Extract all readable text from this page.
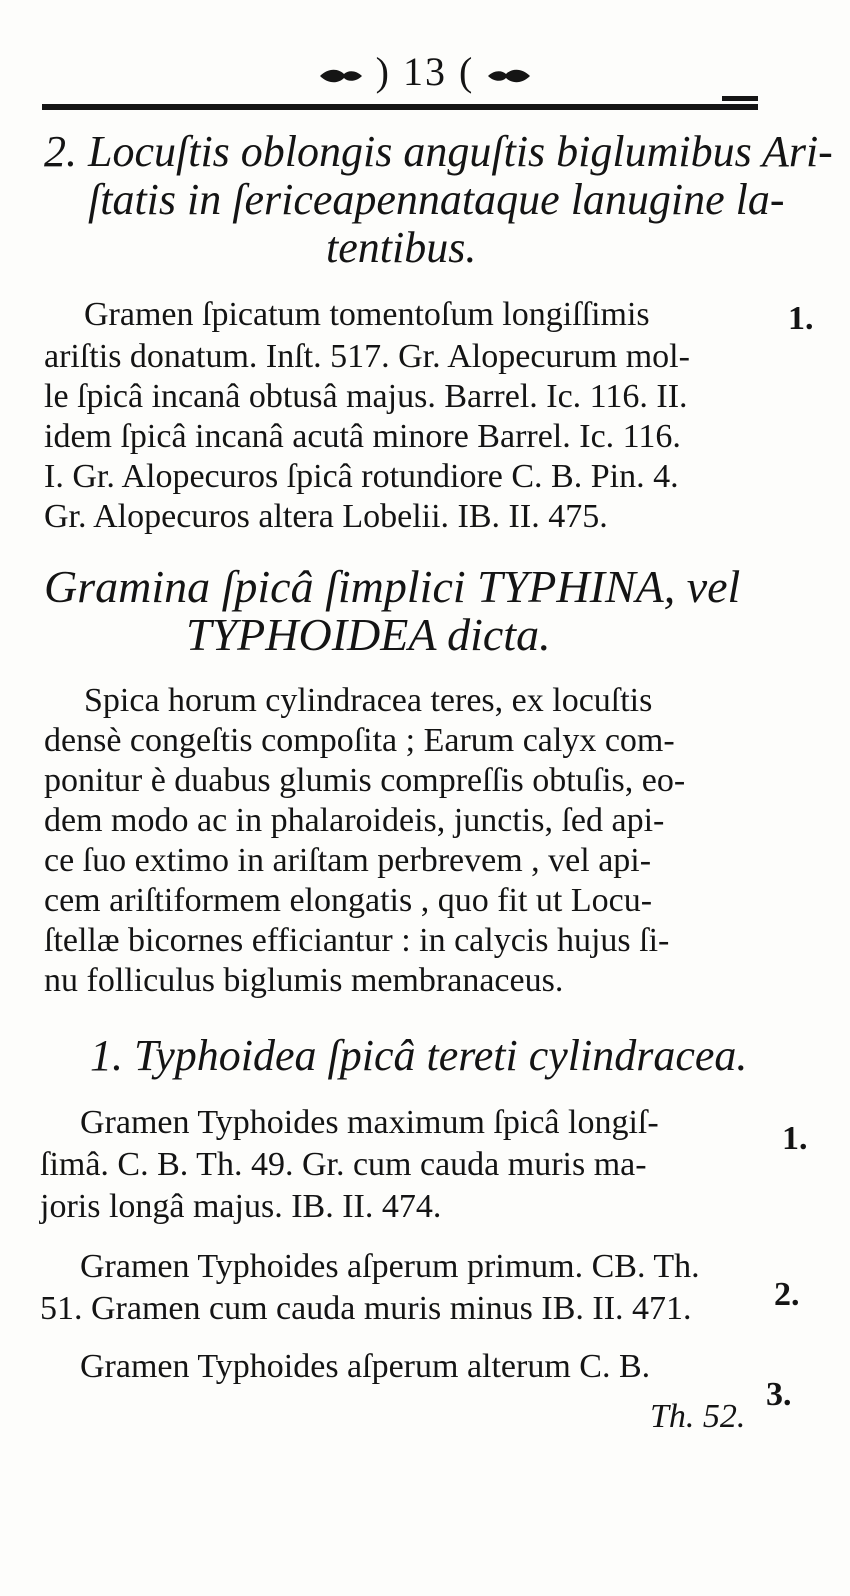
) 13 (
2. Locuſtis oblongis anguſtis biglumibus Ari-
ſtatis in ſericeapennataque lanugine la-
tentibus.
Gramen ſpicatum tomentoſum longiſſimis	1.
ariſtis donatum. Inſt. 517. Gr. Alopecurum mol-
le ſpicâ incanâ obtusâ majus. Barrel. Ic. 116. II.
idem ſpicâ incanâ acutâ minore Barrel. Ic. 116.
I. Gr. Alopecuros ſpicâ rotundiore C. B. Pin. 4.
Gr. Alopecuros altera Lobelii. IB. II. 475.
Gramina ſpicâ ſimplici TYPHINA, vel
TYPHOIDEA dicta.
Spica horum cylindracea teres, ex locuſtis
densè congeſtis compoſita ; Earum calyx com-
ponitur è duabus glumis compreſſis obtuſis, eo-
dem modo ac in phalaroideis, junctis, ſed api-
ce ſuo extimo in ariſtam perbrevem , vel api-
cem ariſtiformem elongatis , quo fit ut Locu-
ſtellæ bicornes efficiantur : in calycis hujus ſi-
nu folliculus biglumis membranaceus.
1. Typhoidea ſpicâ tereti cylindracea.
Gramen Typhoides maximum ſpicâ longiſ-	1.
ſimâ. C. B. Th. 49. Gr. cum cauda muris ma-
joris longâ majus. IB. II. 474.
Gramen Typhoides aſperum primum. CB. Th.
2.
51. Gramen cum cauda muris minus IB. II. 471.
Gramen Typhoides aſperum alterum C. B.
3.
Th. 52.
